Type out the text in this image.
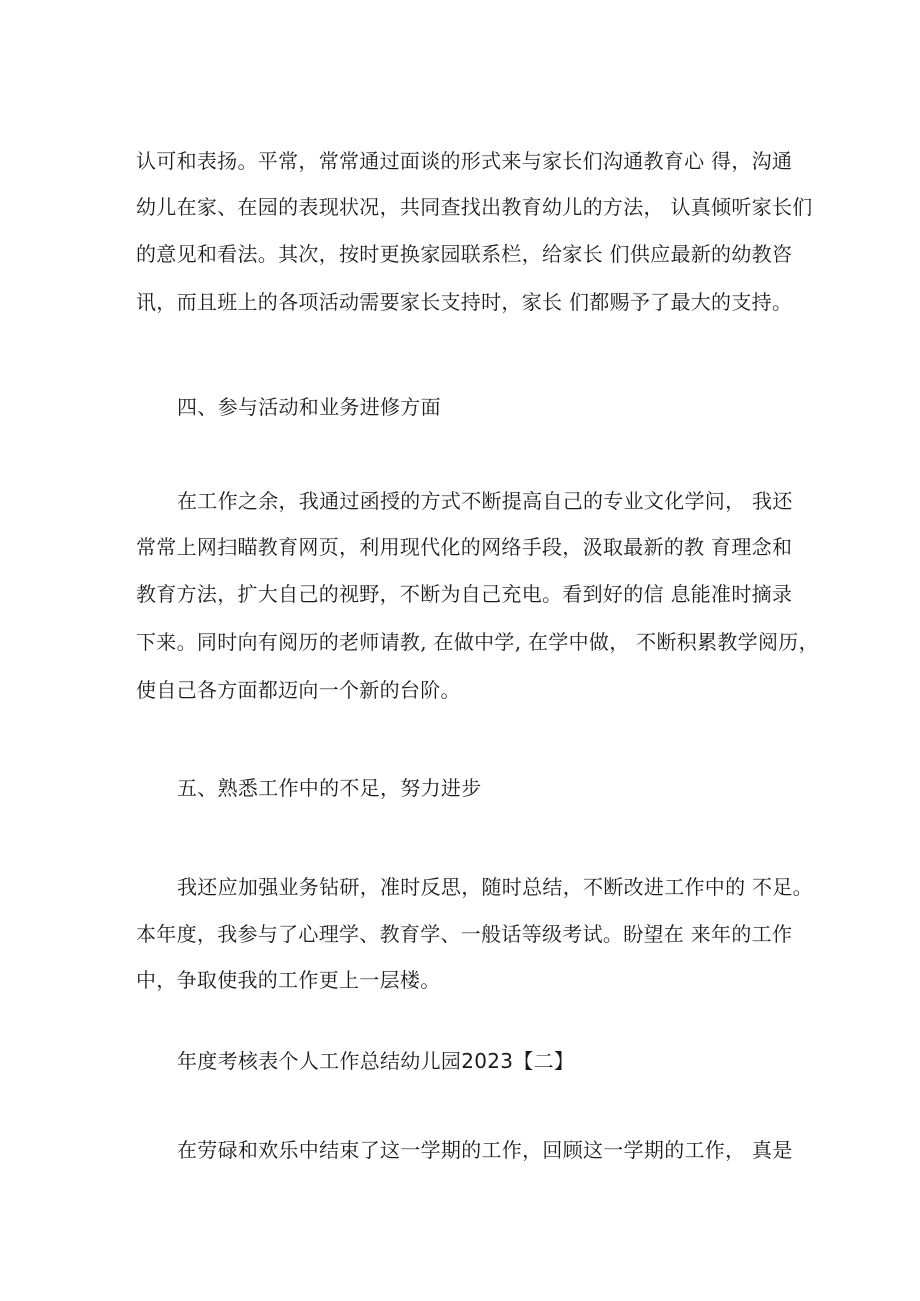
认可和表扬。平常，常常通过面谈的形式来与家长们沟通教育心 得，沟通
幼儿在家、在园的表现状况，共同查找出教育幼儿的方法， 认真倾听家长们
的意见和看法。其次，按时更换家园联系栏，给家长 们供应最新的幼教咨
讯，而且班上的各项活动需要家长支持时，家长 们都赐予了最大的支持。
四、参与活动和业务进修方面
在工作之余，我通过函授的方式不断提高自己的专业文化学问， 我还
常常上网扫瞄教育网页，利用现代化的网络手段，汲取最新的教 育理念和
教育方法，扩大自己的视野，不断为自己充电。看到好的信 息能准时摘录
下来。同时向有阅历的老师请教, 在做中学, 在学中做， 不断积累教学阅历，
使自己各方面都迈向一个新的台阶。
五、熟悉工作中的不足，努力进步
我还应加强业务钻研，准时反思，随时总结，不断改进工作中的 不足。
本年度，我参与了心理学、教育学、一般话等级考试。盼望在 来年的工作
中，争取使我的工作更上一层楼。
年度考核表个人工作总结幼儿园2023【二】
在劳碌和欢乐中结束了这一学期的工作，回顾这一学期的工作， 真是
